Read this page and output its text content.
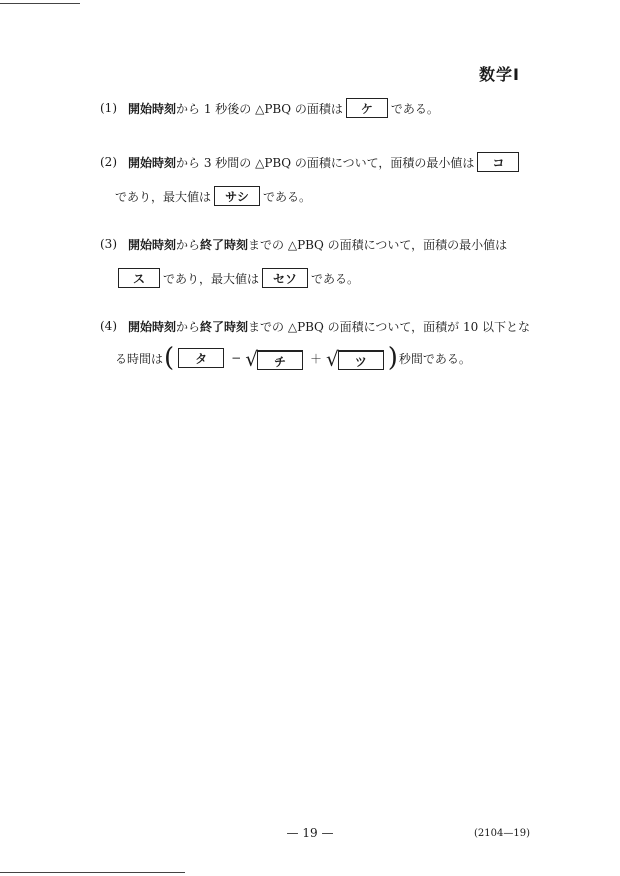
数学Ⅰ
(1) 開始時刻 から 1 秒後の △PBQ の面積は	ケ	である。
(2) 開始時刻 から 3 秒間の △PBQ の面積について，面積の最小値は	コ
であり，最大値は	サシ	である。
(3) 開始時刻 から 終了時刻 までの △PBQ の面積について，面積の最小値は
ス	であり，最大値は	セソ	である。
(4) 開始時刻 から 終了時刻 までの △PBQ の面積について，面積が 10 以下とな
る時間は (	タ	− √	チ	＋ √	ツ ) 秒間である。
— 19 —	(2104—19)
